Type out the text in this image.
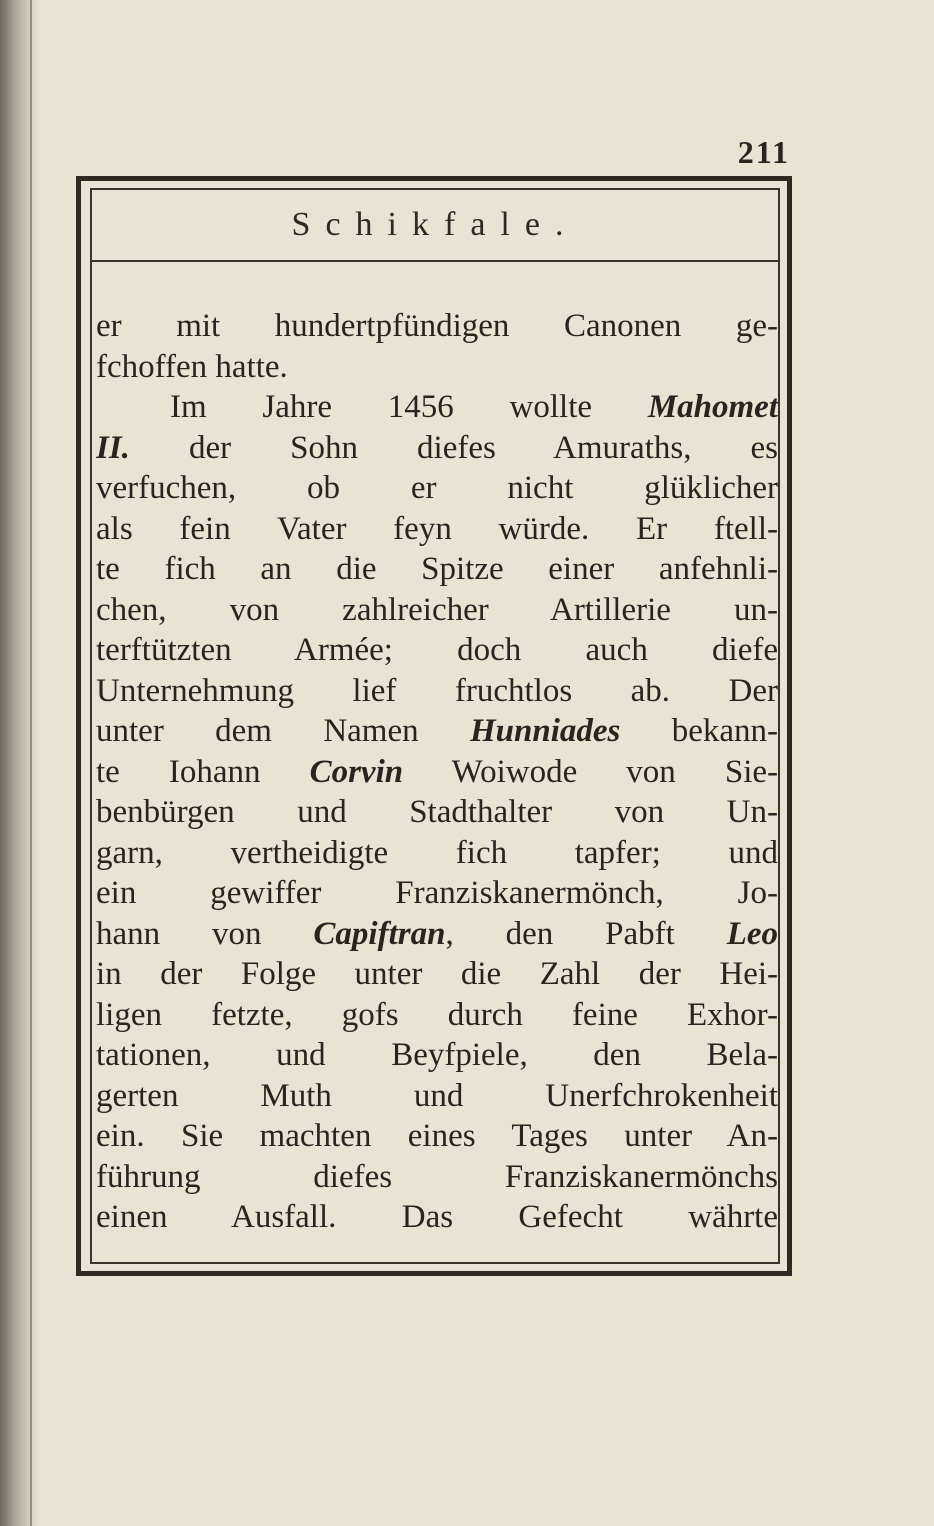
211
Schikfale.
er mit hundertpfündigen Canonen ge-
fchoffen hatte.
Im Jahre 1456 wollte Mahomet
II. der Sohn diefes Amuraths, es
verfuchen, ob er nicht glüklicher
als fein Vater feyn würde. Er ftell-
te fich an die Spitze einer anfehnli-
chen, von zahlreicher Artillerie un-
terftützten Armée; doch auch diefe
Unternehmung lief fruchtlos ab. Der
unter dem Namen Hunniades bekann-
te Iohann Corvin Woiwode von Sie-
benbürgen und Stadthalter von Un-
garn, vertheidigte fich tapfer; und
ein gewiffer Franziskanermönch, Jo-
hann von Capiftran, den Pabft Leo
in der Folge unter die Zahl der Hei-
ligen fetzte, gofs durch feine Exhor-
tationen, und Beyfpiele, den Bela-
gerten Muth und Unerfchrokenheit
ein. Sie machten eines Tages unter An-
führung diefes Franziskanermönchs
einen Ausfall. Das Gefecht währte
